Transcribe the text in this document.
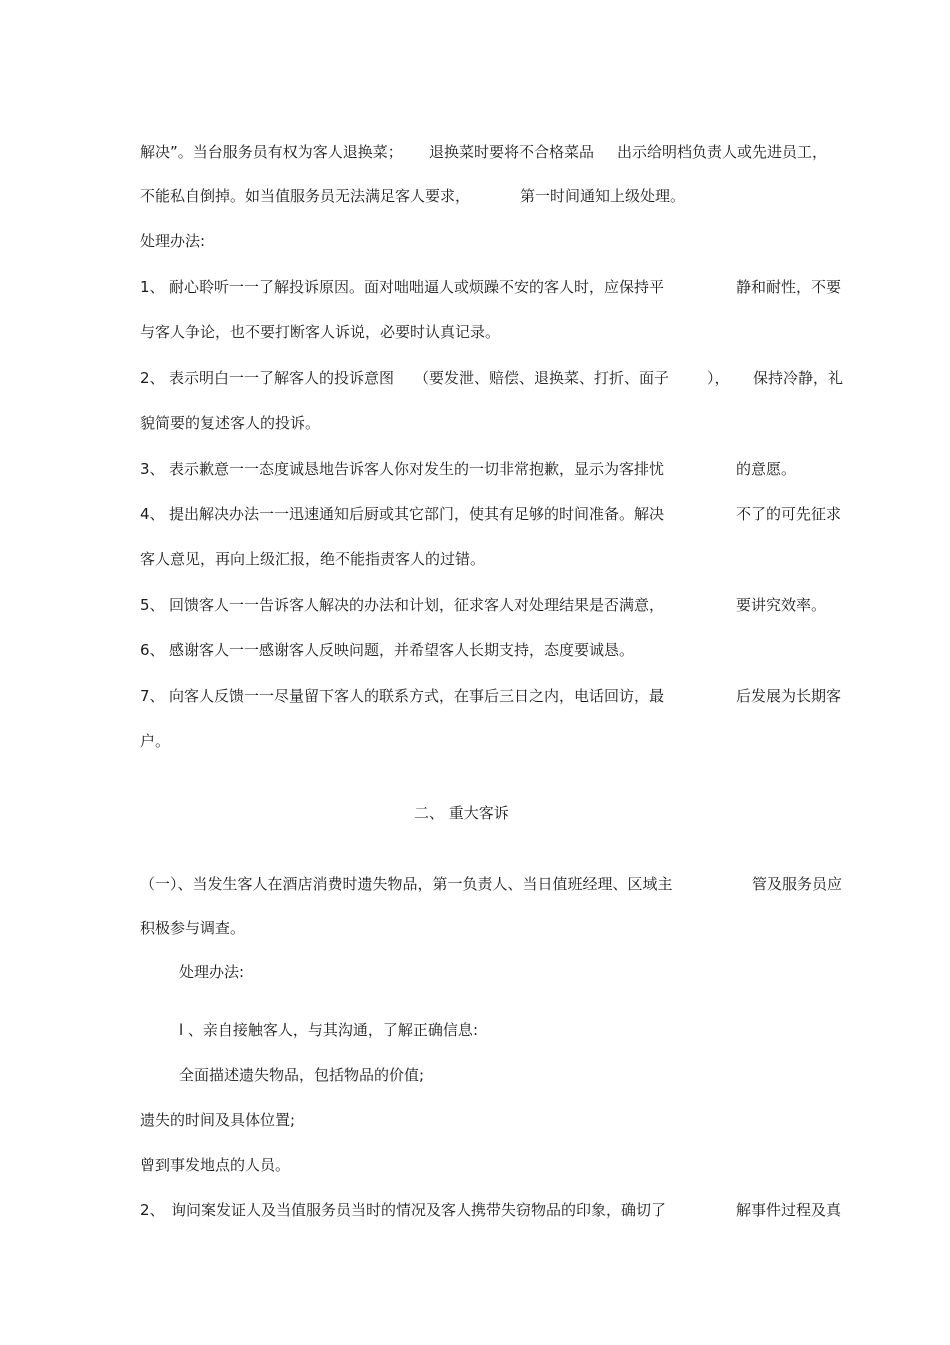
解决”。当台服务员有权为客人退换菜； 退换菜时要将不合格菜品 出示给明档负责人或先进员工，
不能私自倒掉。如当值服务员无法满足客人要求，	第一时间通知上级处理。
处理办法:
1、 耐心聆听一一了解投诉原因。面对咄咄逼人或烦躁不安的客人时，应保持平	静和耐性，不要
与客人争论，也不要打断客人诉说，必要时认真记录。
2、 表示明白一一了解客人的投诉意图 （要发泄、赔偿、退换菜、打折、面子	）， 保持冷静，礼
貌简要的复述客人的投诉。
3、 表示歉意一一态度诚恳地告诉客人你对发生的一切非常抱歉，显示为客排忧	的意愿。
4、 提出解决办法一一迅速通知后厨或其它部门，使其有足够的时间准备。解决	不了的可先征求
客人意见，再向上级汇报，绝不能指责客人的过错。
5、 回馈客人一一告诉客人解决的办法和计划，征求客人对处理结果是否满意，	要讲究效率。
6、 感谢客人一一感谢客人反映问题，并希望客人长期支持，态度要诚恳。
7、 向客人反馈一一尽量留下客人的联系方式，在事后三日之内，电话回访，最	后发展为长期客
户。
二、 重大客诉
（一）、当发生客人在酒店消费时遗失物品，第一负责人、当日值班经理、区域主	管及服务员应
积极参与调查。
处理办法:
l 、亲自接触客人，与其沟通，了解正确信息:
全面描述遗失物品，包括物品的价值;
遗失的时间及具体位置;
曾到事发地点的人员。
2、 询问案发证人及当值服务员当时的情况及客人携带失窃物品的印象，确切了	解事件过程及真
